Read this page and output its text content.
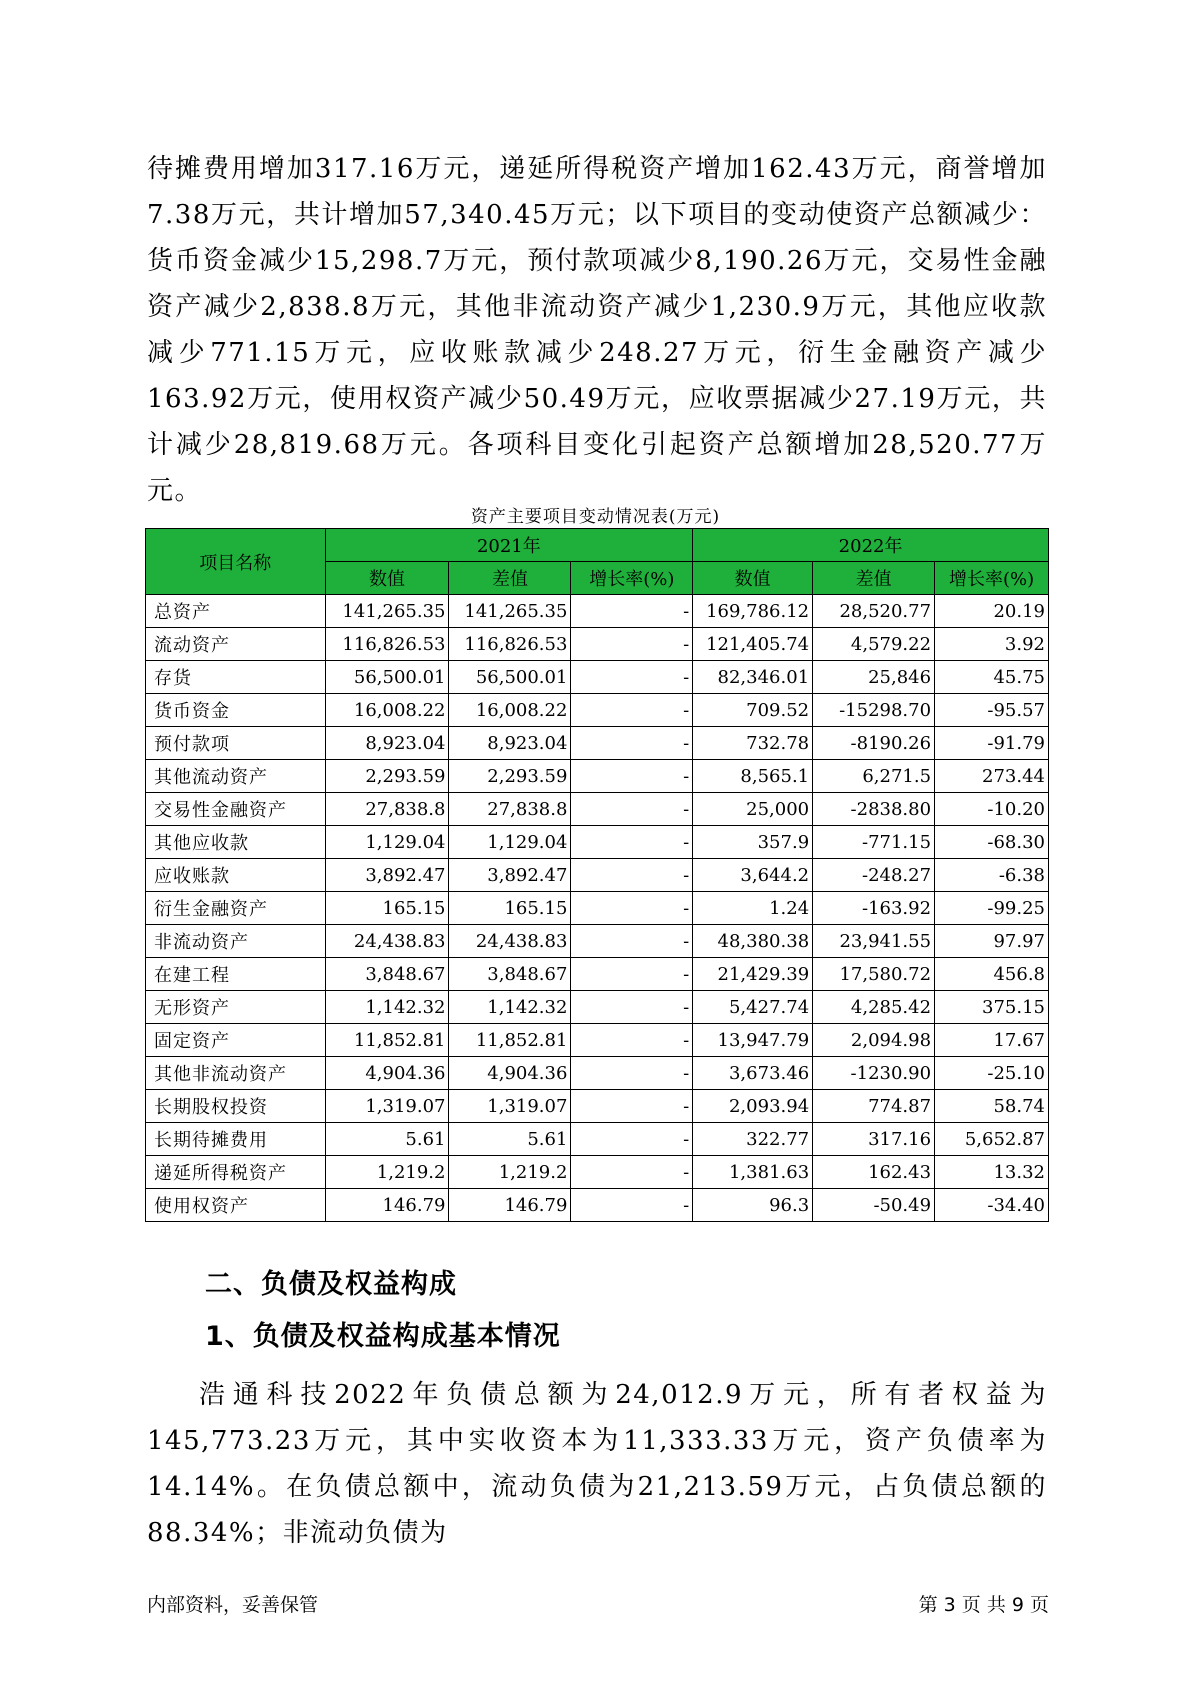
待摊费用增加317.16万元，递延所得税资产增加162.43万元，商誉增加7.38万元，共计增加57,340.45万元；以下项目的变动使资产总额减少：货币资金减少15,298.7万元，预付款项减少8,190.26万元，交易性金融资产减少2,838.8万元，其他非流动资产减少1,230.9万元，其他应收款减少771.15万元，应收账款减少248.27万元，衍生金融资产减少163.92万元，使用权资产减少50.49万元，应收票据减少27.19万元，共计减少28,819.68万元。各项科目变化引起资产总额增加28,520.77万元。

资产主要项目变动情况表(万元)
项目名称	2021年			2022年		
	数值	差值	增长率(%)	数值	差值	增长率(%)
总资产	141,265.35	141,265.35	-	169,786.12	28,520.77	20.19
流动资产	116,826.53	116,826.53	-	121,405.74	4,579.22	3.92
存货	56,500.01	56,500.01	-	82,346.01	25,846	45.75
货币资金	16,008.22	16,008.22	-	709.52	-15298.70	-95.57
预付款项	8,923.04	8,923.04	-	732.78	-8190.26	-91.79
其他流动资产	2,293.59	2,293.59	-	8,565.1	6,271.5	273.44
交易性金融资产	27,838.8	27,838.8	-	25,000	-2838.80	-10.20
其他应收款	1,129.04	1,129.04	-	357.9	-771.15	-68.30
应收账款	3,892.47	3,892.47	-	3,644.2	-248.27	-6.38
衍生金融资产	165.15	165.15	-	1.24	-163.92	-99.25
非流动资产	24,438.83	24,438.83	-	48,380.38	23,941.55	97.97
在建工程	3,848.67	3,848.67	-	21,429.39	17,580.72	456.8
无形资产	1,142.32	1,142.32	-	5,427.74	4,285.42	375.15
固定资产	11,852.81	11,852.81	-	13,947.79	2,094.98	17.67
其他非流动资产	4,904.36	4,904.36	-	3,673.46	-1230.90	-25.10
长期股权投资	1,319.07	1,319.07	-	2,093.94	774.87	58.74
长期待摊费用	5.61	5.61	-	322.77	317.16	5,652.87
递延所得税资产	1,219.2	1,219.2	-	1,381.63	162.43	13.32
使用权资产	146.79	146.79	-	96.3	-50.49	-34.40
二、负债及权益构成
1、负债及权益构成基本情况

浩通科技2022年负债总额为24,012.9万元，所有者权益为145,773.23万元，其中实收资本为11,333.33万元，资产负债率为14.14%。在负债总额中，流动负债为21,213.59万元，占负债总额的88.34%；非流动负债为

内部资料，妥善保管	第 3 页 共 9 页
